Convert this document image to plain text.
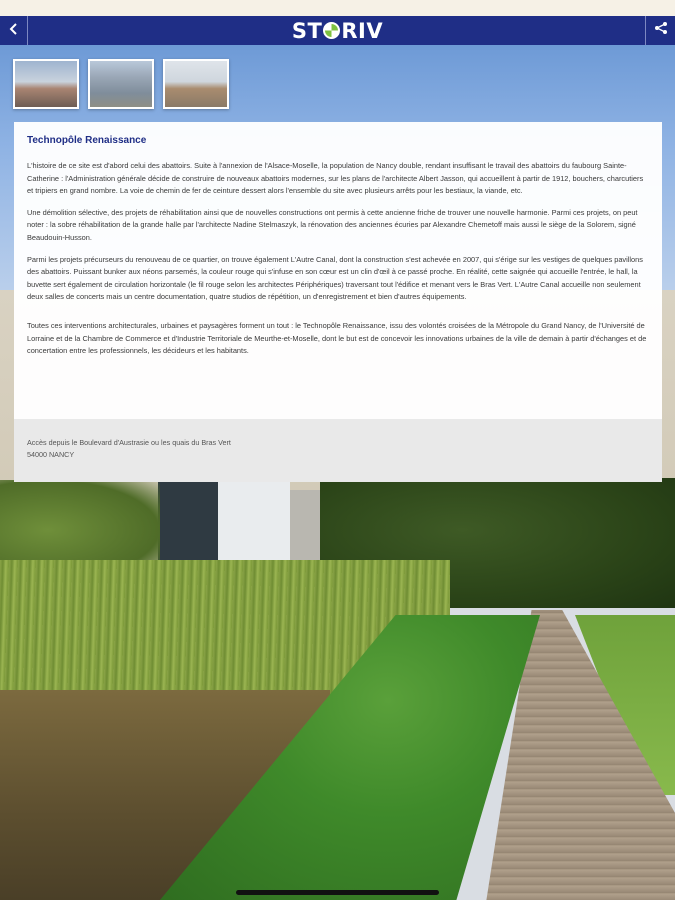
ST RIV
Technopôle Renaissance

L'histoire de ce site est d'abord celui des abattoirs. Suite à l'annexion de l'Alsace-Moselle, la population de Nancy double, rendant insuffisant le travail des abattoirs du faubourg Sainte-Catherine : l'Administration générale décide de construire de nouveaux abattoirs modernes, sur les plans de l'architecte Albert Jasson, qui accueillent à partir de 1912, bouchers, charcutiers et tripiers en grand nombre. La voie de chemin de fer de ceinture dessert alors l'ensemble du site avec plusieurs arrêts pour les bestiaux, la viande, etc.

Une démolition sélective, des projets de réhabilitation ainsi que de nouvelles constructions ont permis à cette ancienne friche de trouver une nouvelle harmonie. Parmi ces projets, on peut noter : la sobre réhabilitation de la grande halle par l'architecte Nadine Stelmaszyk, la rénovation des anciennes écuries par Alexandre Chemetoff mais aussi le siège de la Solorem, signé Beaudouin-Husson.

Parmi les projets précurseurs du renouveau de ce quartier, on trouve également L'Autre Canal, dont la construction s'est achevée en 2007, qui s'érige sur les vestiges de quelques pavillons des abattoirs. Puissant bunker aux néons parsemés, la couleur rouge qui s'infuse en son cœur est un clin d'œil à ce passé proche. En réalité, cette saignée qui accueille l'entrée, le hall, la buvette sert également de circulation horizontale (le fil rouge selon les architectes Périphériques) traversant tout l'édifice et menant vers le Bras Vert. L'Autre Canal accueille non seulement deux salles de concerts mais un centre documentation, quatre studios de répétition, un d'enregistrement et bien d'autres équipements.

Toutes ces interventions architecturales, urbaines et paysagères forment un tout : le Technopôle Renaissance, issu des volontés croisées de la Métropole du Grand Nancy, de l'Université de Lorraine et de la Chambre de Commerce et d'Industrie Territoriale de Meurthe-et-Moselle, dont le but est de concevoir les innovations urbaines de la ville de demain à partir d'échanges et de concertation entre les professionnels, les décideurs et les habitants.

Accès depuis le Boulevard d'Austrasie ou les quais du Bras Vert
54000 NANCY
